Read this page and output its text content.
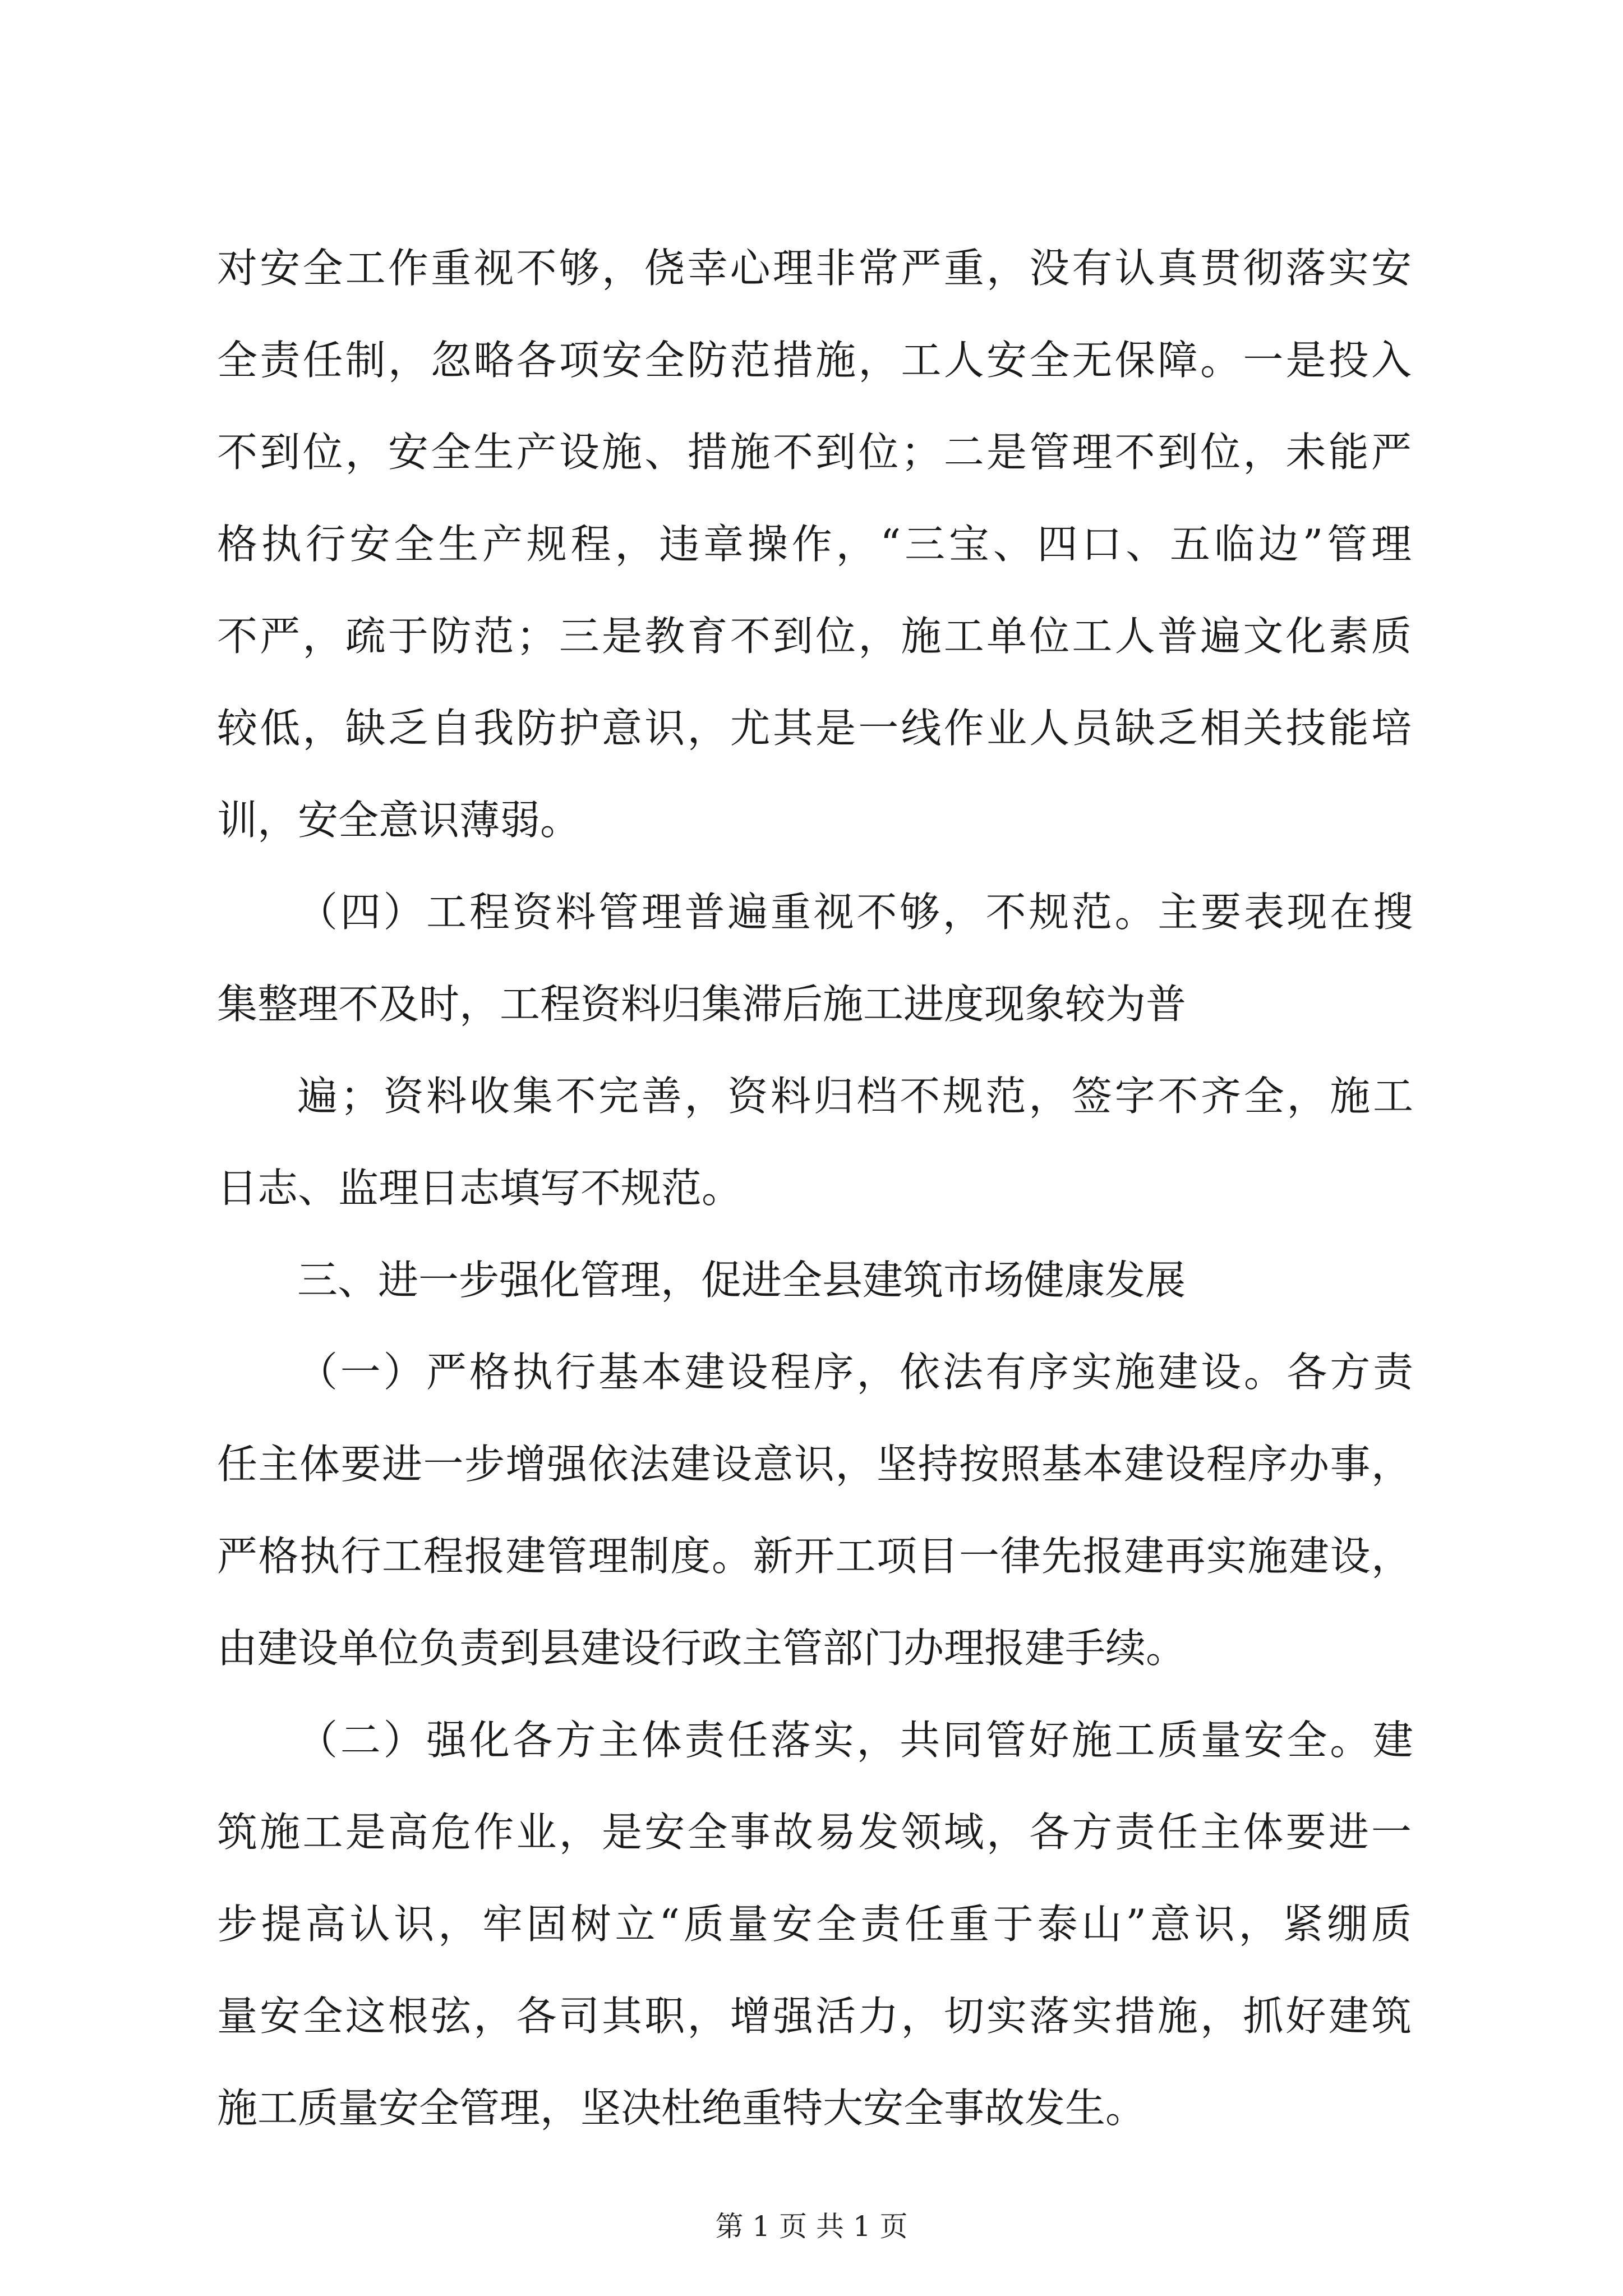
对安全工作重视不够，侥幸心理非常严重，没有认真贯彻落实安
全责任制，忽略各项安全防范措施，工人安全无保障。一是投入
不到位，安全生产设施、措施不到位；二是管理不到位，未能严
格执行安全生产规程，违章操作，“三宝、四口、五临边”管理
不严，疏于防范；三是教育不到位，施工单位工人普遍文化素质
较低，缺乏自我防护意识，尤其是一线作业人员缺乏相关技能培
训，安全意识薄弱。
（四）工程资料管理普遍重视不够，不规范。主要表现在搜
集整理不及时，工程资料归集滞后施工进度现象较为普
遍；资料收集不完善，资料归档不规范，签字不齐全，施工
日志、监理日志填写不规范。
三、进一步强化管理，促进全县建筑市场健康发展
（一）严格执行基本建设程序，依法有序实施建设。各方责
任主体要进一步增强依法建设意识，坚持按照基本建设程序办事，
严格执行工程报建管理制度。新开工项目一律先报建再实施建设，
由建设单位负责到县建设行政主管部门办理报建手续。
（二）强化各方主体责任落实，共同管好施工质量安全。建
筑施工是高危作业，是安全事故易发领域，各方责任主体要进一
步提高认识，牢固树立“质量安全责任重于泰山”意识，紧绷质
量安全这根弦，各司其职，增强活力，切实落实措施，抓好建筑
施工质量安全管理，坚决杜绝重特大安全事故发生。
第 1 页 共 1 页
